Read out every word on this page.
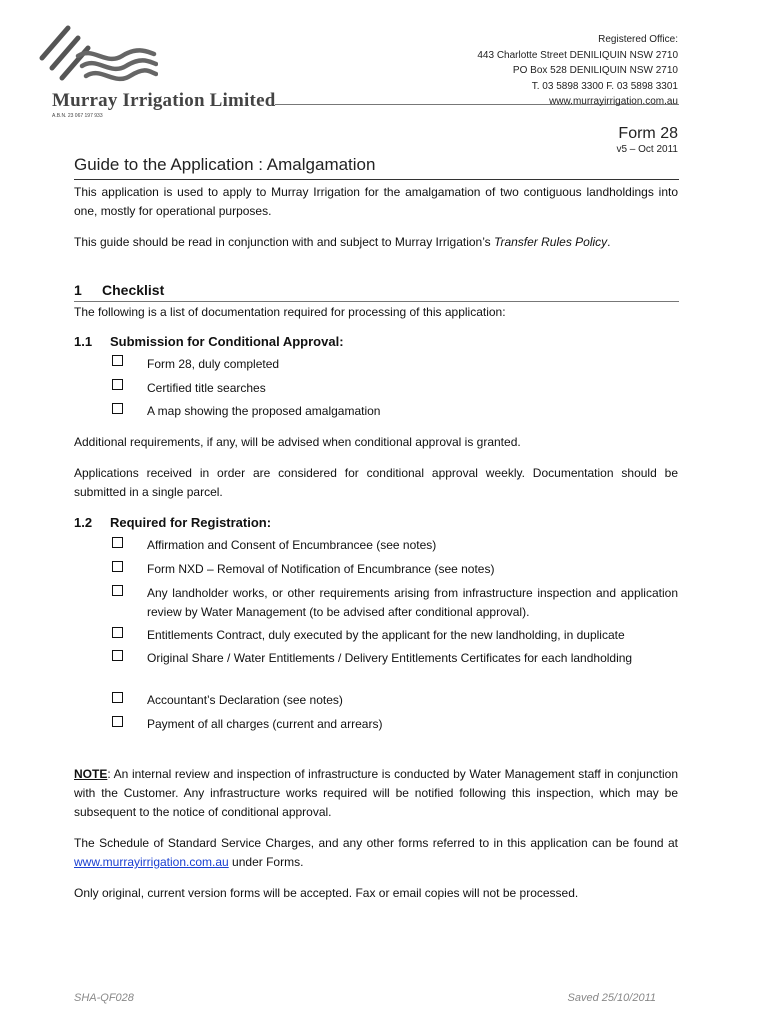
Murray Irrigation Limited
A.B.N. 23 067 197 933
Registered Office:
443 Charlotte Street DENILIQUIN NSW 2710
PO Box 528 DENILIQUIN NSW 2710
T. 03 5898 3300 F. 03 5898 3301
www.murrayirrigation.com.au
Form 28
v5 – Oct 2011
Guide to the Application : Amalgamation
This application is used to apply to Murray Irrigation for the amalgamation of two contiguous landholdings into one, mostly for operational purposes.
This guide should be read in conjunction with and subject to Murray Irrigation’s Transfer Rules Policy.
1 Checklist
The following is a list of documentation required for processing of this application:
1.1 Submission for Conditional Approval:
Form 28, duly completed
Certified title searches
A map showing the proposed amalgamation
Additional requirements, if any, will be advised when conditional approval is granted.
Applications received in order are considered for conditional approval weekly. Documentation should be submitted in a single parcel.
1.2 Required for Registration:
Affirmation and Consent of Encumbrancee (see notes)
Form NXD – Removal of Notification of Encumbrance (see notes)
Any landholder works, or other requirements arising from infrastructure inspection and application review by Water Management (to be advised after conditional approval).
Entitlements Contract, duly executed by the applicant for the new landholding, in duplicate
Original Share / Water Entitlements / Delivery Entitlements Certificates for each landholding
Accountant’s Declaration (see notes)
Payment of all charges (current and arrears)
NOTE: An internal review and inspection of infrastructure is conducted by Water Management staff in conjunction with the Customer. Any infrastructure works required will be notified following this inspection, which may be subsequent to the notice of conditional approval.
The Schedule of Standard Service Charges, and any other forms referred to in this application can be found at www.murrayirrigation.com.au under Forms.
Only original, current version forms will be accepted. Fax or email copies will not be processed.
SHA-QF028	Saved 25/10/2011
